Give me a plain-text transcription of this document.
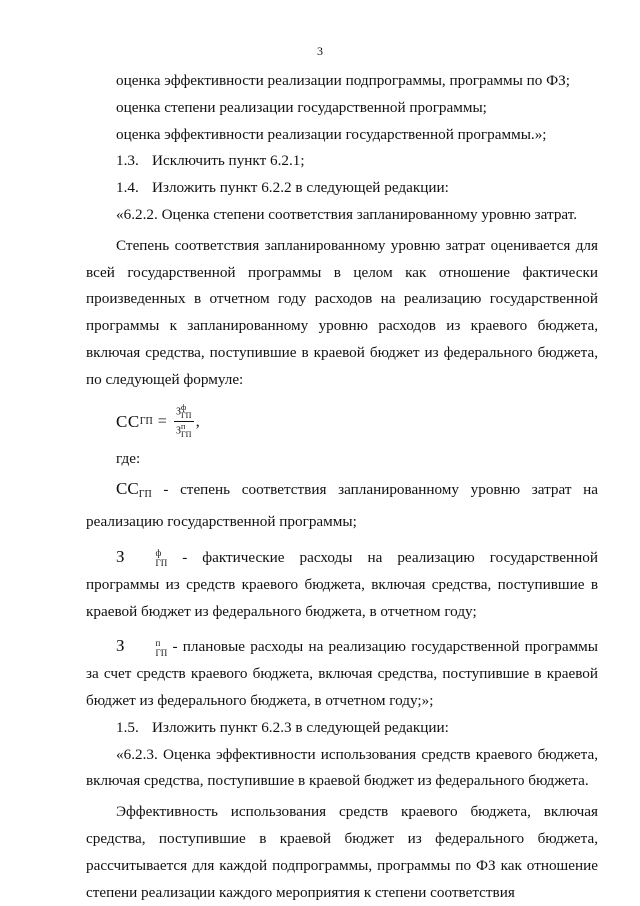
3

оценка эффективности реализации подпрограммы, программы по ФЗ;

оценка степени реализации государственной программы;

оценка эффективности реализации государственной программы.»;

1.3. Исключить пункт 6.2.1;

1.4. Изложить пункт 6.2.2 в следующей редакции:

«6.2.2. Оценка степени соответствия запланированному уровню затрат.

Степень соответствия запланированному уровню затрат оценивается для всей государственной программы в целом как отношение фактически произведенных в отчетном году расходов на реализацию государственной программы к запланированному уровню расходов из краевого бюджета, включая средства, поступившие в краевой бюджет из федерального бюджета, по следующей формуле:

СС ГП = З ф
ГП
З п
ГП ,

где:

$СС_{ГП}$ - степень соответствия запланированному уровню затрат на реализацию государственной программы;

З	ф
ГП - фактические расходы на реализацию государственной программы из средств краевого бюджета, включая средства, поступившие в краевой бюджет из федерального бюджета, в отчетном году;

З	п
ГП - плановые расходы на реализацию государственной программы за счет средств краевого бюджета, включая средства, поступившие в краевой бюджет из федерального бюджета, в отчетном году;»;

1.5. Изложить пункт 6.2.3 в следующей редакции:

«6.2.3. Оценка эффективности использования средств краевого бюджета, включая средства, поступившие в краевой бюджет из федерального бюджета.

Эффективность использования средств краевого бюджета, включая средства, поступившие в краевой бюджет из федерального бюджета, рассчитывается для каждой подпрограммы, программы по ФЗ как отношение степени реализации каждого мероприятия к степени соответствия
